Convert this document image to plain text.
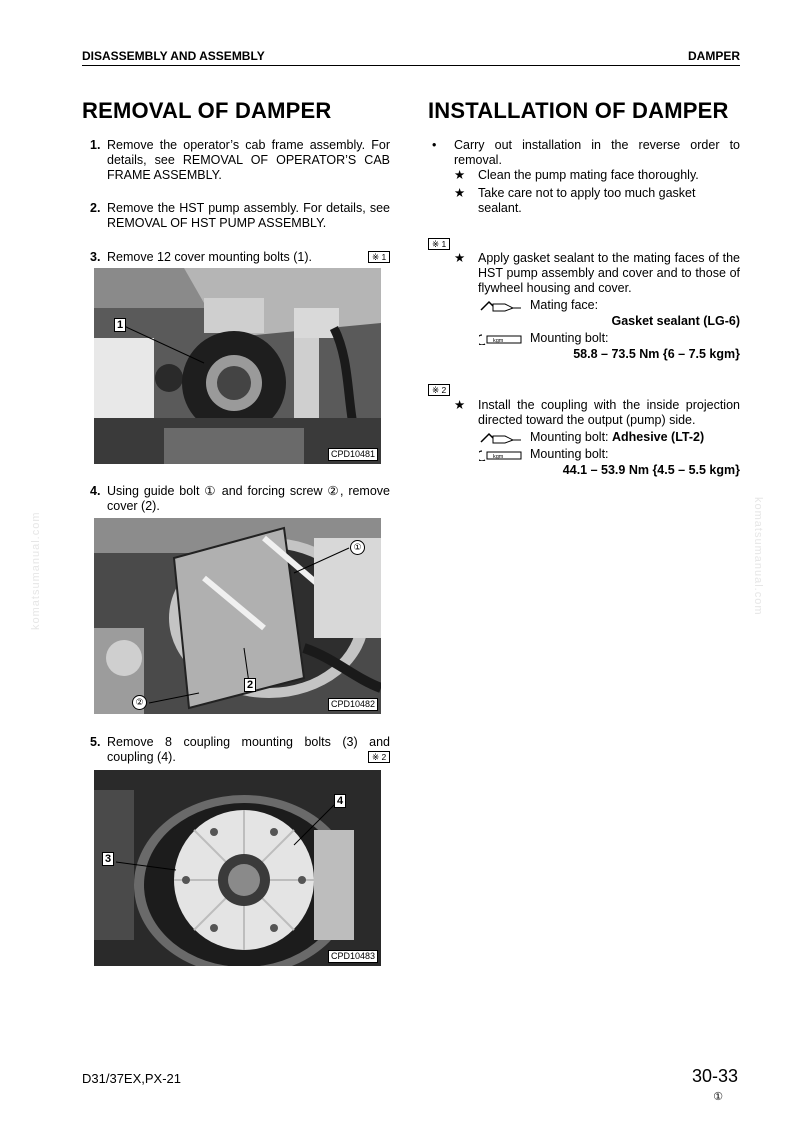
DISASSEMBLY AND ASSEMBLY	DAMPER
komatsumanual.com	komatsumanual.com
REMOVAL OF DAMPER
1. Remove the operator’s cab frame assembly. For details, see REMOVAL OF OPERATOR’S CAB FRAME ASSEMBLY.
2. Remove the HST pump assembly. For details, see REMOVAL OF HST PUMP ASSEMBLY.
3. Remove 12 cover mounting bolts (1).	※ 1
1
CPD10481
4. Using guide bolt ① and forcing screw ②, remove cover (2).
①
2
②	CPD10482
5. Remove 8 coupling mounting bolts (3) and coupling (4).	※ 2
4
3
CPD10483
INSTALLATION OF DAMPER
• Carry out installation in the reverse order to removal.
★ Clean the pump mating face thoroughly.
★ Take care not to apply too much gasket sealant.
※ 1
★ Apply gasket sealant to the mating faces of the HST pump assembly and cover and to those of flywheel housing and cover.
Mating face:
Gasket sealant (LG-6)
kgm Mounting bolt:
58.8 – 73.5 Nm {6 – 7.5 kgm}
※ 2
★ Install the coupling with the inside projection directed toward the output (pump) side.
Mounting bolt: Adhesive (LT-2)
kgm Mounting bolt:
44.1 – 53.9 Nm {4.5 – 5.5 kgm}
D31/37EX,PX-21	30-33
①
